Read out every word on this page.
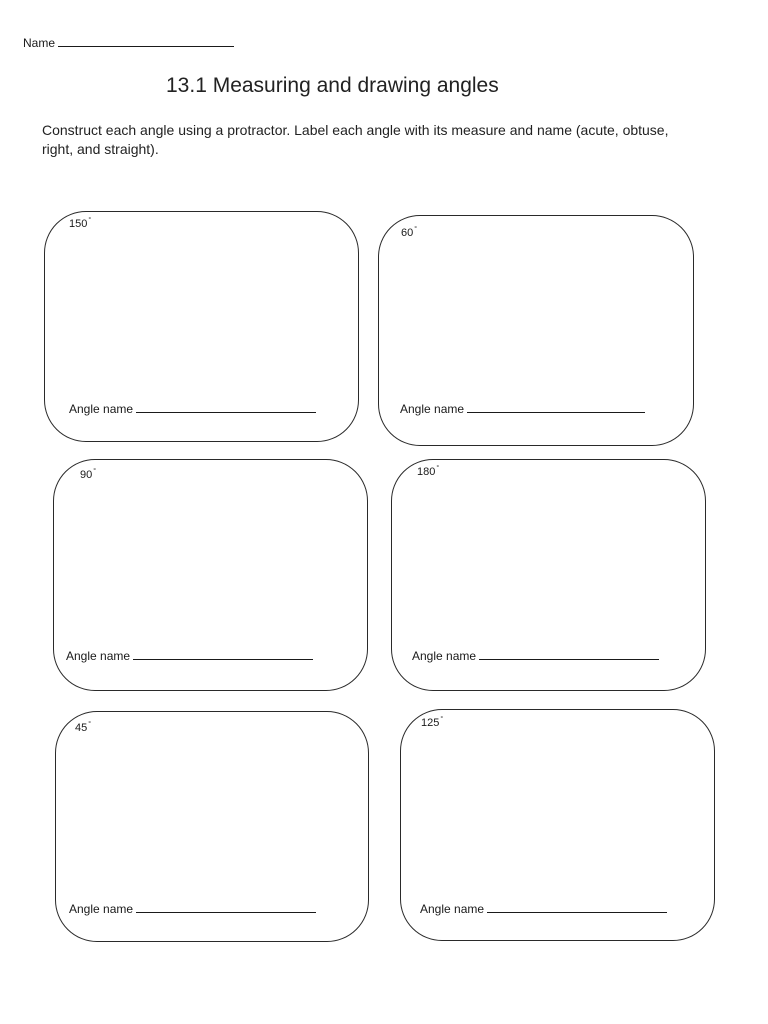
Name
13.1 Measuring and drawing angles
Construct each angle using a protractor. Label each angle with its measure and name (acute, obtuse, right, and straight).
150°
Angle name
60°
Angle name
90°
Angle name
180°
Angle name
45°
Angle name
125°
Angle name
